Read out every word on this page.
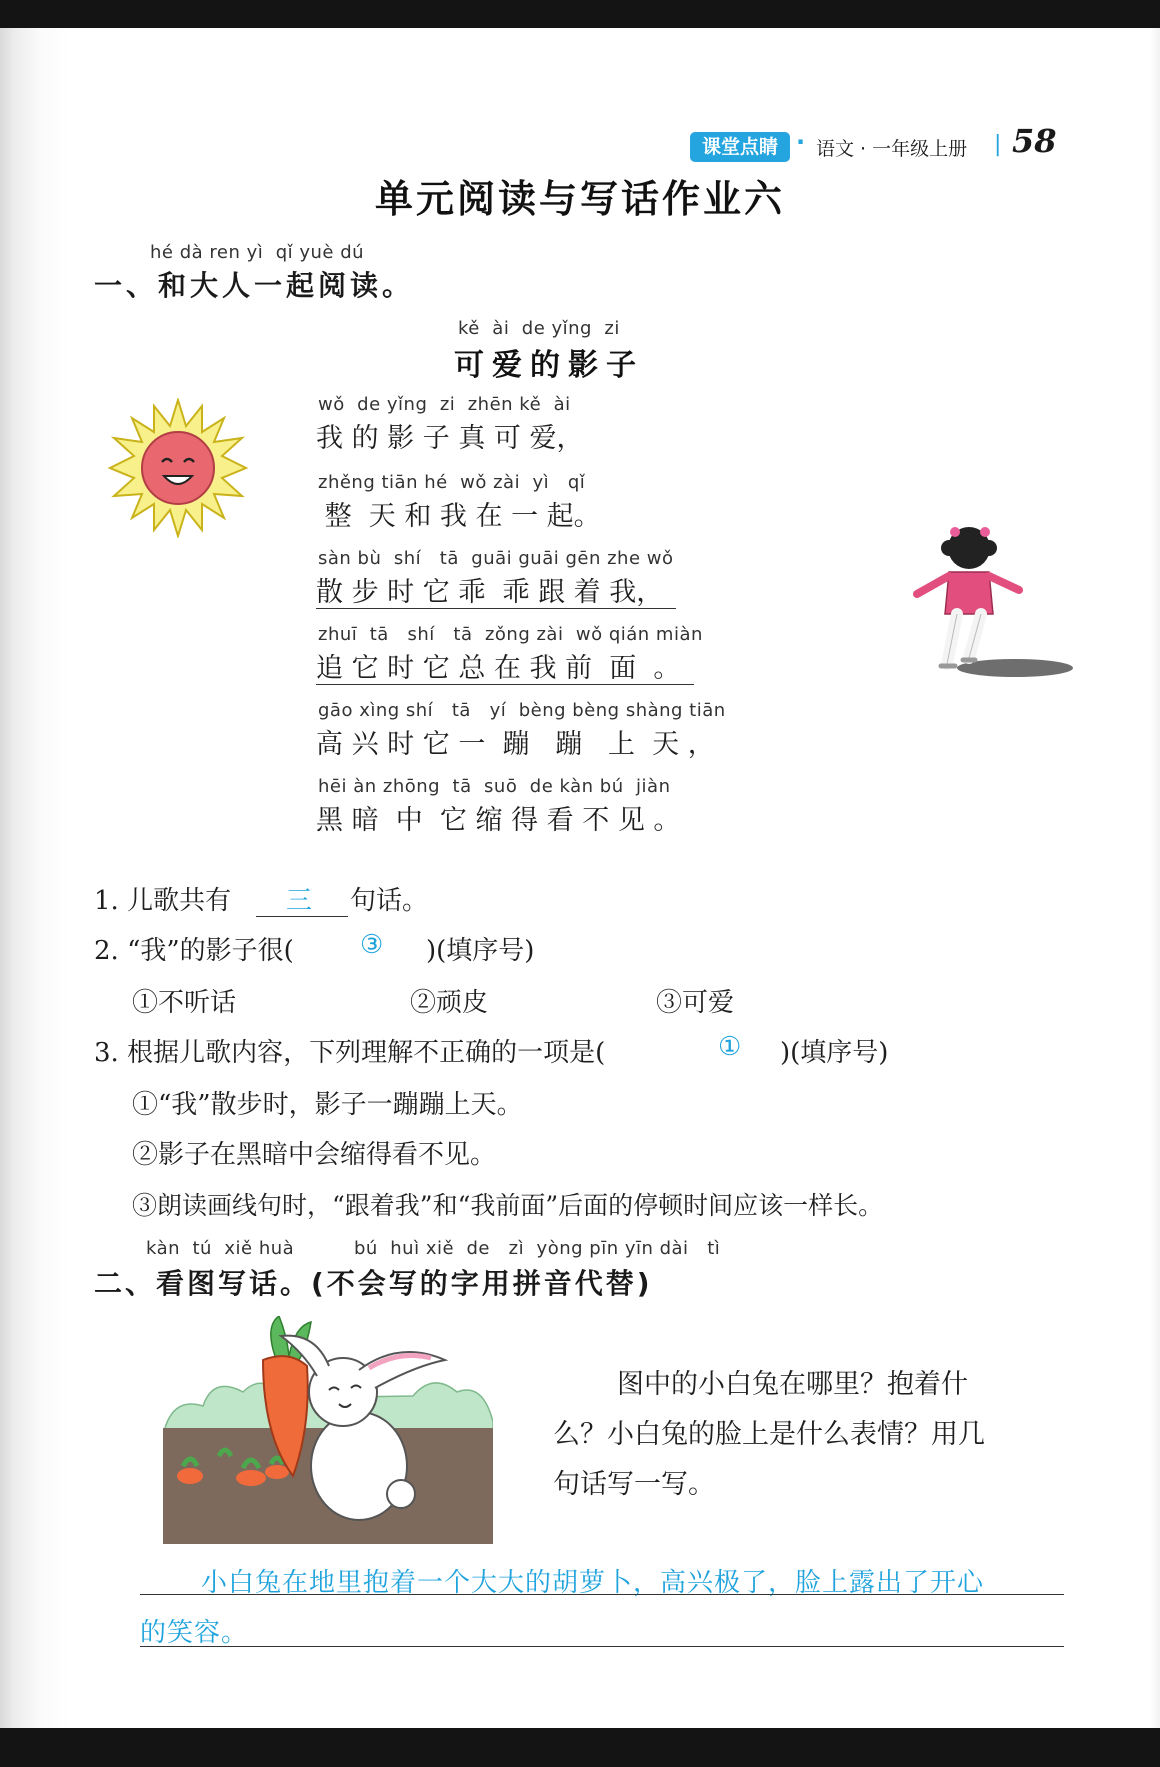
课堂点睛 · 语文 · 一年级上册 | 58
单元阅读与写话作业六
hé dà ren yì  qǐ yuè dú
一、和大人一起阅读。
kě  ài  de yǐng  zi
可爱的影子
wǒ  de yǐng  zi  zhēn kě  ài
我 的 影 子 真 可 爱，
zhěng tiān hé  wǒ zài  yì   qǐ
整  天 和 我 在 一 起。
sàn bù  shí   tā  guāi guāi gēn zhe wǒ
散 步 时 它 乖  乖 跟 着 我，
zhuī  tā   shí   tā  zǒng zài  wǒ qián miàn
追 它 时 它 总 在 我 前  面  。
gāo xìng shí   tā   yí  bèng bèng shàng tiān
高 兴 时 它 一  蹦   蹦   上  天 ，
hēi àn zhōng  tā  suō  de kàn bú  jiàn
黑 暗  中  它 缩 得 看 不 见 。
1. 儿歌共有 三 句话。
2. “我”的影子很(	③ )(填序号)
①不听话	②顽皮	③可爱
3. 根据儿歌内容，下列理解不正确的一项是(	① )(填序号)
①“我”散步时，影子一蹦蹦上天。
②影子在黑暗中会缩得看不见。
③朗读画线句时，“跟着我”和“我前面”后面的停顿时间应该一样长。
kàn  tú  xiě huà	bú  huì xiě  de   zì  yòng pīn yīn dài   tì
二、看图写话。(不会写的字用拼音代替)
图中的小白兔在哪里？抱着什
么？小白兔的脸上是什么表情？用几
句话写一写。
小白兔在地里抱着一个大大的胡萝卜，高兴极了，脸上露出了开心
的笑容。
